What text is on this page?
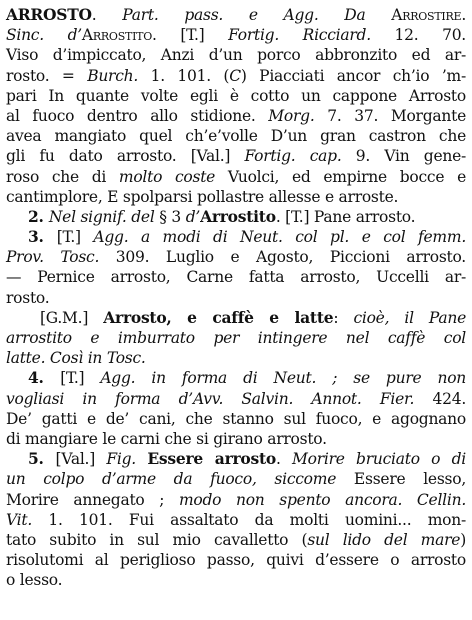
ARROSTO. Part. pass. e Agg. Da Arrostire.
Sinc. d’Arrostito. [T.] Fortig. Ricciard. 12. 70.
Viso d’impiccato, Anzi d’un porco abbronzito ed ar-
rosto. = Burch. 1. 101. (C) Piacciati ancor ch’io ’m-
pari In quante volte egli è cotto un cappone Arrosto
al fuoco dentro allo stidione. Morg. 7. 37. Morgante
avea mangiato quel ch’e’volle D’un gran castron che
gli fu dato arrosto. [Val.] Fortig. cap. 9. Vin gene-
roso che di molto coste Vuolci, ed empirne bocce e
cantimplore, E spolparsi pollastre allesse e arroste.
2. Nel signif. del § 3 d’Arrostito. [T.] Pane arrosto.
3. [T.] Agg. a modi di Neut. col pl. e col femm.
Prov. Tosc. 309. Luglio e Agosto, Piccioni arrosto.
— Pernice arrosto, Carne fatta arrosto, Uccelli ar-
rosto.
[G.M.] Arrosto, e caffè e latte: cioè, il Pane
arrostito e imburrato per intingere nel caffè col
latte. Così in Tosc.
4. [T.] Agg. in forma di Neut. ; se pure non
vogliasi in forma d’Avv. Salvin. Annot. Fier. 424.
De’ gatti e de’ cani, che stanno sul fuoco, e agognano
di mangiare le carni che si girano arrosto.
5. [Val.] Fig. Essere arrosto. Morire bruciato o di
un colpo d’arme da fuoco, siccome Essere lesso,
Morire annegato ; modo non spento ancora. Cellin.
Vit. 1. 101. Fui assaltato da molti uomini... mon-
tato subito in sul mio cavalletto (sul lido del mare)
risolutomi al periglioso passo, quivi d’essere o arrosto
o lesso.
